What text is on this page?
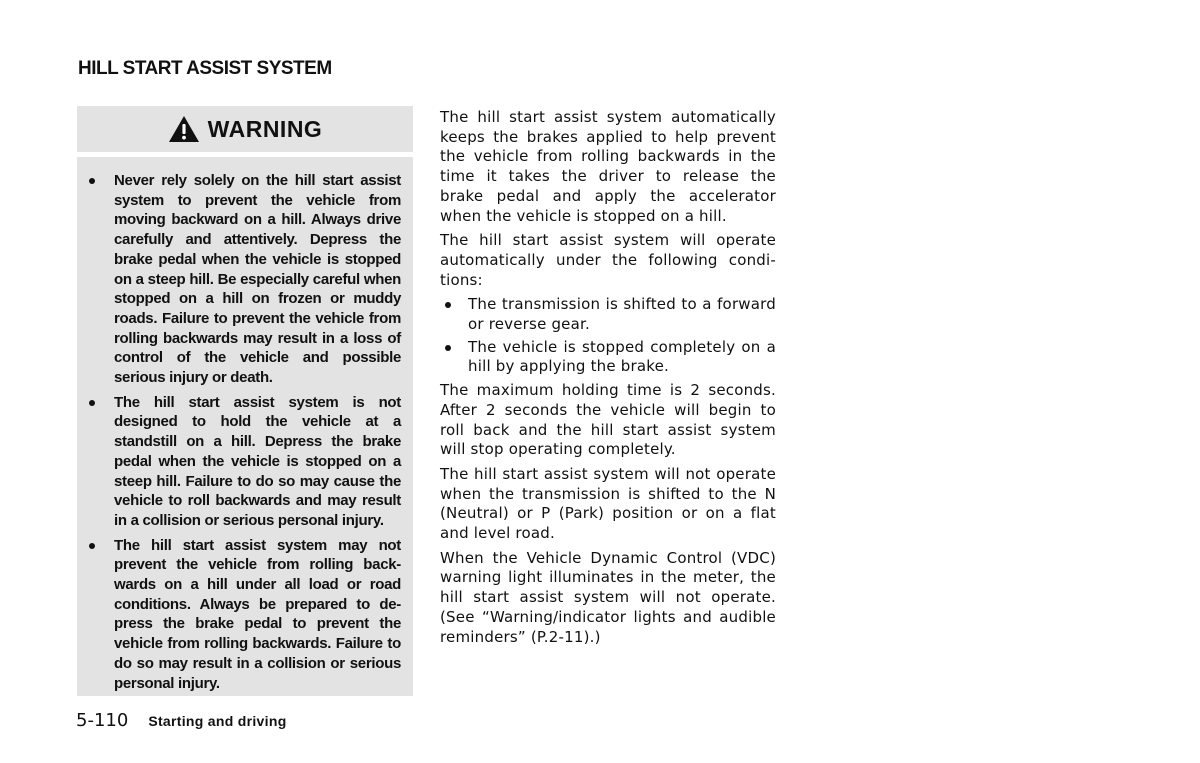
HILL START ASSIST SYSTEM
WARNING
Never rely solely on the hill start assist system to prevent the vehicle from moving backward on a hill. Always drive carefully and attentively. Depress the brake pedal when the vehicle is stopped on a steep hill. Be especially careful when stopped on a hill on frozen or muddy roads. Failure to prevent the vehicle from rolling backwards may result in a loss of control of the vehicle and possible serious injury or death.
The hill start assist system is not designed to hold the vehicle at a standstill on a hill. Depress the brake pedal when the vehicle is stopped on a steep hill. Failure to do so may cause the vehicle to roll backwards and may result in a collision or serious personal injury.
The hill start assist system may not prevent the vehicle from rolling back-wards on a hill under all load or road conditions. Always be prepared to de-press the brake pedal to prevent the vehicle from rolling backwards. Failure to do so may result in a collision or serious personal injury.

The hill start assist system automatically keeps the brakes applied to help prevent the vehicle from rolling backwards in the time it takes the driver to release the brake pedal and apply the accelerator when the vehicle is stopped on a hill.

The hill start assist system will operate automatically under the following condi-tions:

The transmission is shifted to a forward or reverse gear.
The vehicle is stopped completely on a hill by applying the brake.

The maximum holding time is 2 seconds. After 2 seconds the vehicle will begin to roll back and the hill start assist system will stop operating completely.

The hill start assist system will not operate when the transmission is shifted to the N (Neutral) or P (Park) position or on a flat and level road.

When the Vehicle Dynamic Control (VDC) warning light illuminates in the meter, the hill start assist system will not operate. (See “Warning/indicator lights and audible reminders” (P.2-11).)

5-110 Starting and driving
